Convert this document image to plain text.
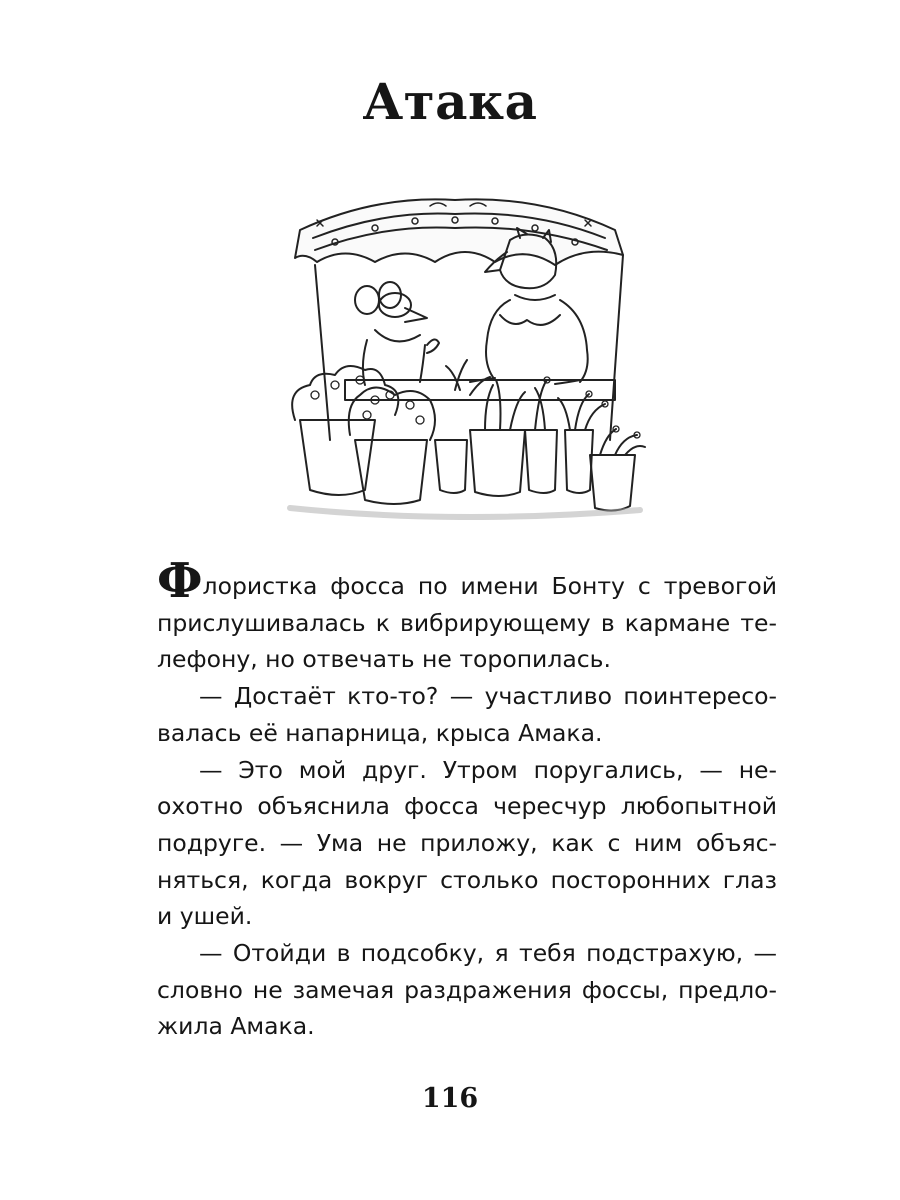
Атака

Флористка фосса по имени Бонту с тревогой
прислушивалась к вибрирующему в кармане те-
лефону, но отвечать не торопилась.

— Достаёт кто-то? — участливо поинтересо-
валась её напарница, крыса Амака.

— Это мой друг. Утром поругались, — не-
охотно объяснила фосса чересчур любопытной
подруге. — Ума не приложу, как с ним объяс-
няться, когда вокруг столько посторонних глаз
и ушей.

— Отойди в подсобку, я тебя подстрахую, —
словно не замечая раздражения фоссы, предло-
жила Амака.

116
